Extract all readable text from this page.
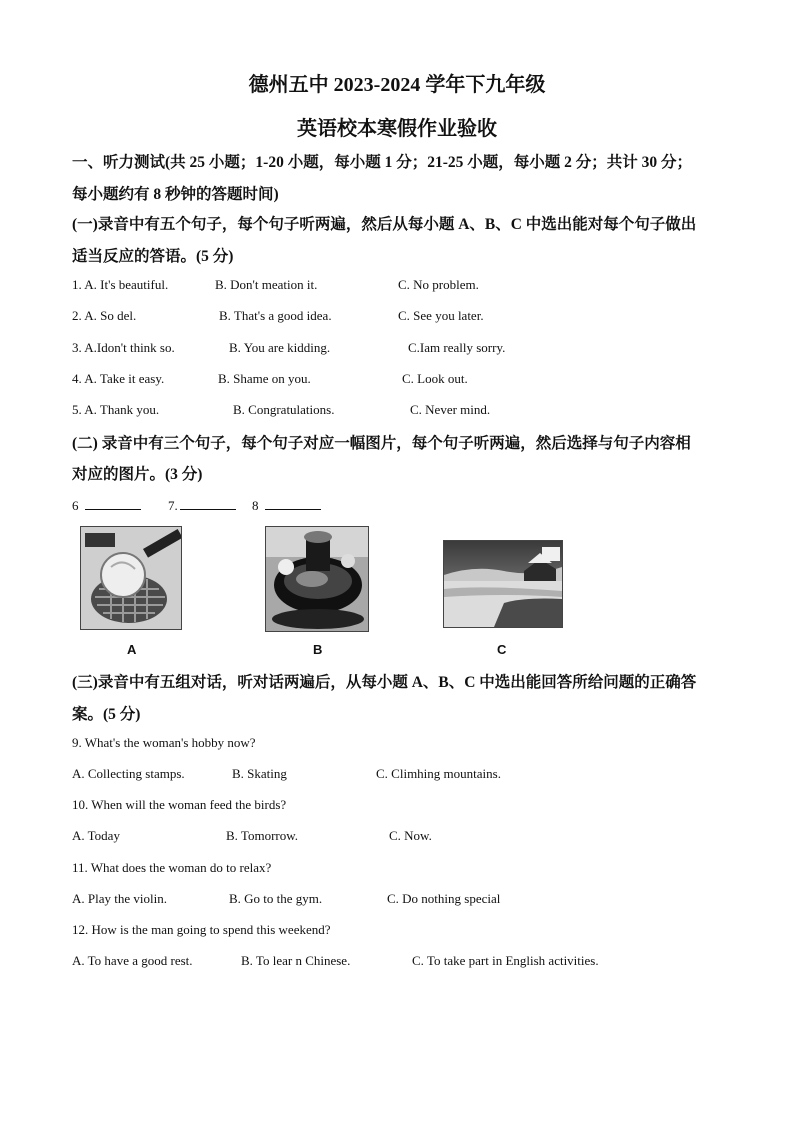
德州五中 2023-2024 学年下九年级
英语校本寒假作业验收
一、听力测试(共 25 小题；1-20 小题，每小题 1 分；21-25 小题，每小题 2 分；共计 30 分；
每小题约有 8 秒钟的答题时间)
(一)录音中有五个句子，每个句子听两遍，然后从每小题 A、B、C 中选出能对每个句子做出
适当反应的答语。(5 分)
1. A. It's beautiful.	B. Don't meation it.	C. No problem.
2. A. So del.	B. That's a good idea.	C. See you later.
3. A.Idon't think so.	B. You are kidding.	C.Iam really sorry.
4. A. Take it easy.	B. Shame on you.	C. Look out.
5. A. Thank you.	B. Congratulations.	C. Never mind.
(二) 录音中有三个句子，每个句子对应一幅图片，每个句子听两遍，然后选择与句子内容相
对应的图片。(3 分)
6	7.	8
A	B	C
(三)录音中有五组对话，听对话两遍后，从每小题 A、B、C 中选出能回答所给问题的正确答
案。(5 分)
9. What's the woman's hobby now?
A. Collecting stamps.	B. Skating	C. Climhing mountains.
10. When will the woman feed the birds?
A. Today	B. Tomorrow.	C. Now.
11. What does the woman do to relax?
A. Play the violin.	B. Go to the gym.	C. Do nothing special
12. How is the man going to spend this weekend?
A. To have a good rest.	B. To lear n Chinese.	C. To take part in English activities.
